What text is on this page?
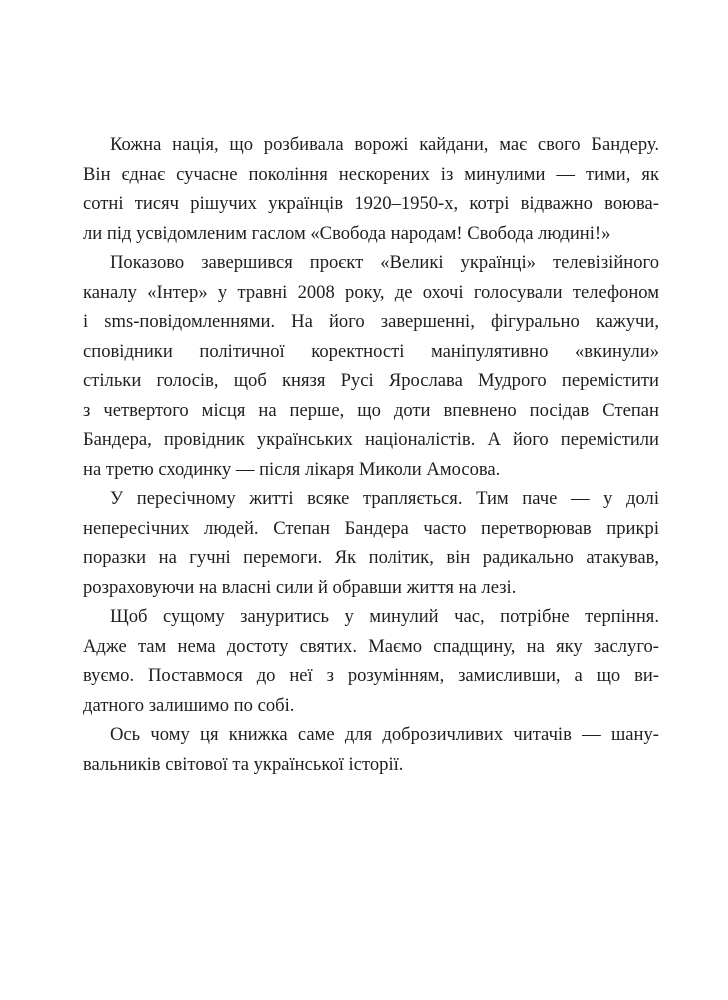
Кожна нація, що розбивала ворожі кайдани, має свого Бандеру.
Він єднає сучасне покоління нескорених із минулими — тими, як
сотні тисяч рішучих українців 1920–1950-х, котрі відважно воюва-
ли під усвідомленим гаслом «Свобода народам! Свобода людині!»
Показово завершився проєкт «Великі українці» телевізійного
каналу «Інтер» у травні 2008 року, де охочі голосували телефоном
і sms-повідомленнями. На його завершенні, фігурально кажучи,
сповідники політичної коректності маніпулятивно «вкинули»
стільки голосів, щоб князя Русі Ярослава Мудрого перемістити
з четвертого місця на перше, що доти впевнено посідав Степан
Бандера, провідник українських націоналістів. А його перемістили
на третю сходинку — після лікаря Миколи Амосова.
У пересічному житті всяке трапляється. Тим паче — у долі
непересічних людей. Степан Бандера часто перетворював прикрі
поразки на гучні перемоги. Як політик, він радикально атакував,
розраховуючи на власні сили й обравши життя на лезі.
Щоб сущому зануритись у минулий час, потрібне терпіння.
Адже там нема достоту святих. Маємо спадщину, на яку заслуго-
вуємо. Поставмося до неї з розумінням, замисливши, а що ви-
датного залишимо по собі.
Ось чому ця книжка саме для доброзичливих читачів — шану-
вальників світової та української історії.
